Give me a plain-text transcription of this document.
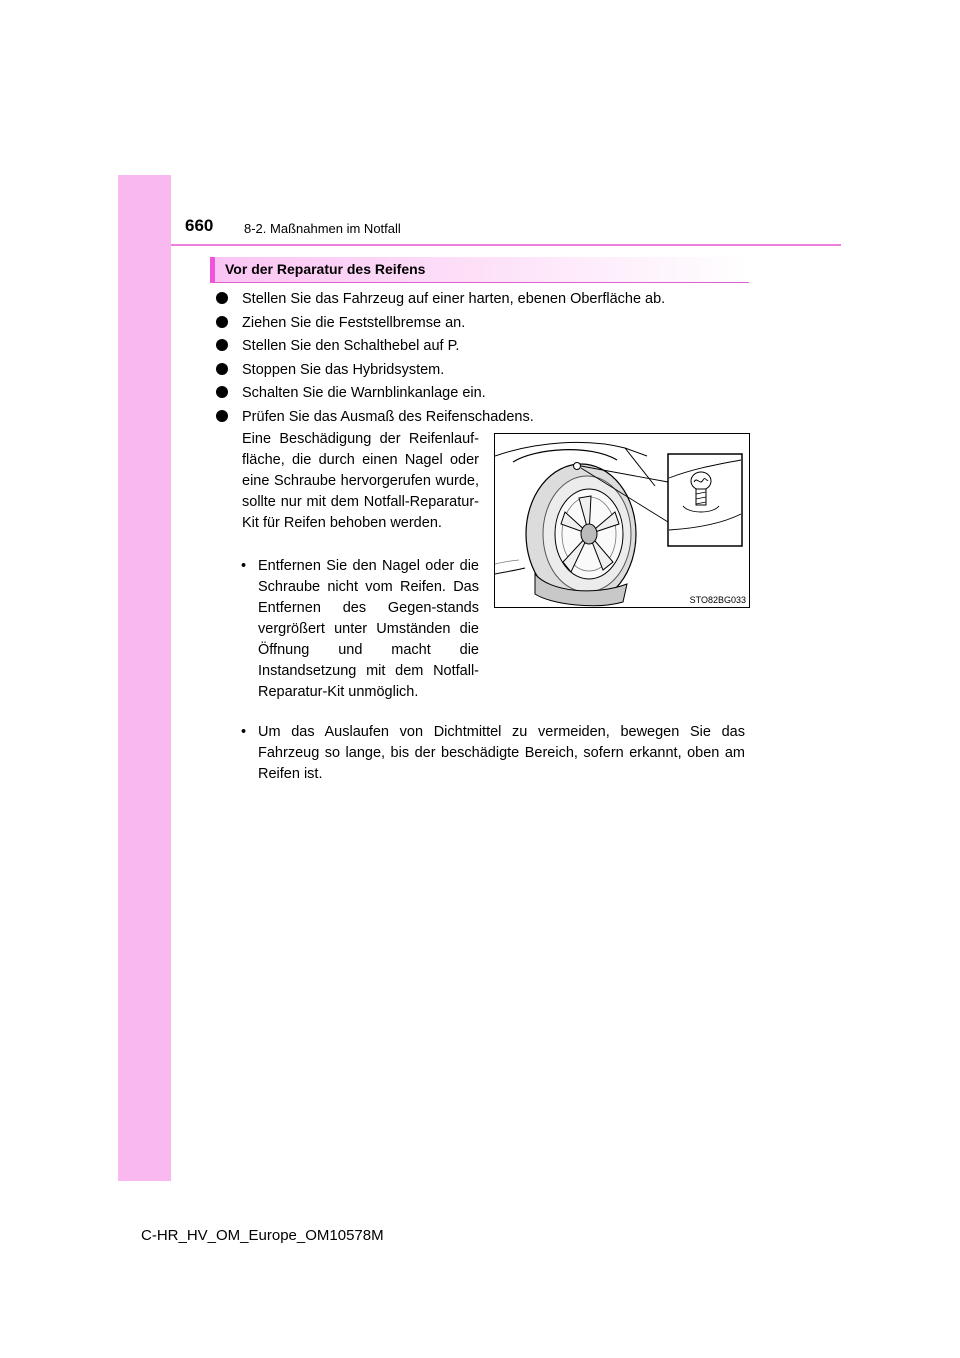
660 8-2. Maßnahmen im Notfall
Vor der Reparatur des Reifens
Stellen Sie das Fahrzeug auf einer harten, ebenen Oberfläche ab.
Ziehen Sie die Feststellbremse an.
Stellen Sie den Schalthebel auf P.
Stoppen Sie das Hybridsystem.
Schalten Sie die Warnblinkanlage ein.
Prüfen Sie das Ausmaß des Reifenschadens.

Eine Beschädigung der Reifenlauf-fläche, die durch einen Nagel oder eine Schraube hervorgerufen wurde, sollte nur mit dem Notfall-Reparatur-Kit für Reifen behoben werden.

• Entfernen Sie den Nagel oder die Schraube nicht vom Reifen. Das Entfernen des Gegen-stands vergrößert unter Umständen die Öffnung und macht die Instandsetzung mit dem Notfall-Reparatur-Kit unmöglich.

• Um das Auslaufen von Dichtmittel zu vermeiden, bewegen Sie das Fahrzeug so lange, bis der beschädigte Bereich, sofern erkannt, oben am Reifen ist.

STO82BG033
C-HR_HV_OM_Europe_OM10578M
